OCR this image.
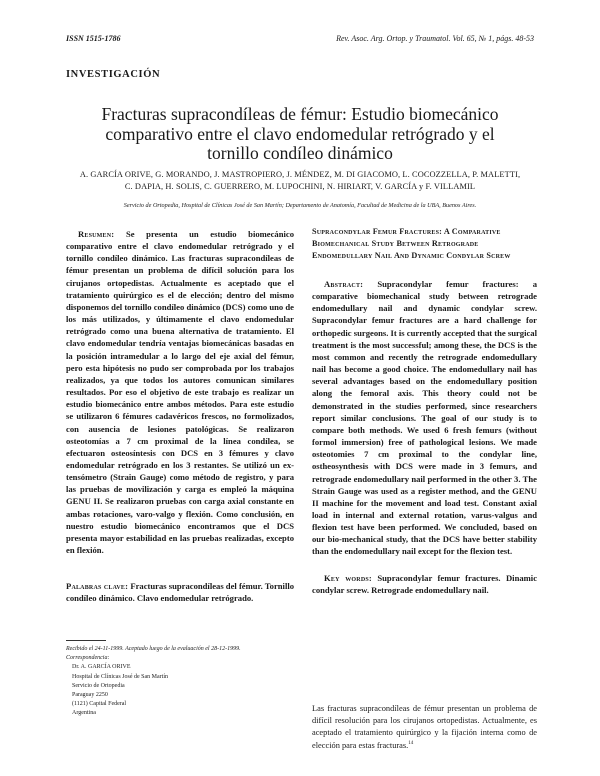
ISSN 1515-1786	Rev. Asoc. Arg. Ortop. y Traumatol. Vol. 65, № 1, págs. 48-53
INVESTIGACIÓN
Fracturas supracondíleas de fémur: Estudio biomecánico
comparativo entre el clavo endomedular retrógrado y el
tornillo condíleo dinámico
A. GARCÍA ORIVE, G. MORANDO, J. MASTROPIERO, J. MÉNDEZ, M. DI GIACOMO, L. COCOZZELLA, P. MALETTI,
C. DAPIA, H. SOLIS, C. GUERRERO, M. LUPOCHINI, N. HIRIART, V. GARCÍA y F. VILLAMIL
Servicio de Ortopedia, Hospital de Clínicas José de San Martín; Departamento de Anatomía, Facultad de Medicina de la UBA, Buenos Aires.
Resumen: Se presenta un estudio biomecánico comparativo entre el clavo endomedular retrógrado y el tornillo condíleo dinámico. Las fracturas supracondíleas de fémur presentan un problema de difícil solución para los cirujanos ortopedistas. Actualmente es aceptado que el tratamiento quirúrgico es el de elección; dentro del mismo disponemos del tornillo condíleo dinámico (DCS) como uno de los más utilizados, y últimamente el clavo endomedular retrógrado como una buena alternativa de tratamiento. El clavo endomedular tendría ventajas biomecánicas basadas en la posición intramedular a lo largo del eje axial del fémur, pero esta hipótesis no pudo ser comprobada por los trabajos realizados, ya que todos los autores comunican similares resultados. Por eso el objetivo de este trabajo es realizar un estudio biomecánico entre ambos métodos. Para este estudio se utilizaron 6 fémures cadavéricos frescos, no formolizados, con ausencia de lesiones patológicas. Se realizaron osteotomías a 7 cm proximal de la línea condílea, se efectuaron osteosíntesis con DCS en 3 fémures y clavo endomedular retrógrado en los 3 restantes. Se utilizó un ex-tensómetro (Strain Gauge) como método de registro, y para las pruebas de movilización y carga es empleó la máquina GENU II. Se realizaron pruebas con carga axial constante en ambas rotaciones, varo-valgo y flexión. Como conclusión, en nuestro estudio biomecánico encontramos que el DCS presenta mayor estabilidad en las pruebas realizadas, excepto en flexión.
Palabras clave: Fracturas supracondíleas del fémur. Tornillo condíleo dinámico. Clavo endomedular retrógrado.
Supracondylar Femur Fractures: A Comparative Biomechanical Study Between Retrograde Endomedullary Nail And Dynamic Condylar Screw
Abstract: Supracondylar femur fractures: a comparative biomechanical study between retrograde endomedullary nail and dynamic condylar screw. Supracondylar femur fractures are a hard challenge for orthopedic surgeons. It is currently accepted that the surgical treatment is the most successful; among these, the DCS is the most common and recently the retrograde endomedullary nail has become a good choice. The endomedullary nail has several advantages based on the endomedullary position along the femoral axis. This theory could not be demonstrated in the studies performed, since researchers report similar conclusions. The goal of our study is to compare both methods. We used 6 fresh femurs (without formol immersion) free of pathological lesions. We made osteotomies 7 cm proximal to the condylar line, ostheosynthesis with DCS were made in 3 femurs, and retrograde endomedullary nail performed in the other 3. The Strain Gauge was used as a register method, and the GENU II machine for the movement and load test. Constant axial load in internal and external rotation, varus-valgus and flexion test have been performed. We concluded, based on our bio-mechanical study, that the DCS have better stability than the endomedullary nail except for the flexion test.
Key words: Supracondylar femur fractures. Dinamic condylar screw. Retrograde endomedullary nail.
Recibido el 24-11-1999. Aceptado luego de la evaluación el 28-12-1999.
Correspondencia:
Dr. A. GARCÍA ORIVE
Hospital de Clínicas José de San Martín
Servicio de Ortopedia
Paraguay 2250
(1121) Capital Federal
Argentina
Las fracturas supracondíleas de fémur presentan un problema de difícil resolución para los cirujanos ortopedistas. Actualmente, es aceptado el tratamiento quirúrgico y la fijación interna como de elección para estas fracturas.$^{14}$
